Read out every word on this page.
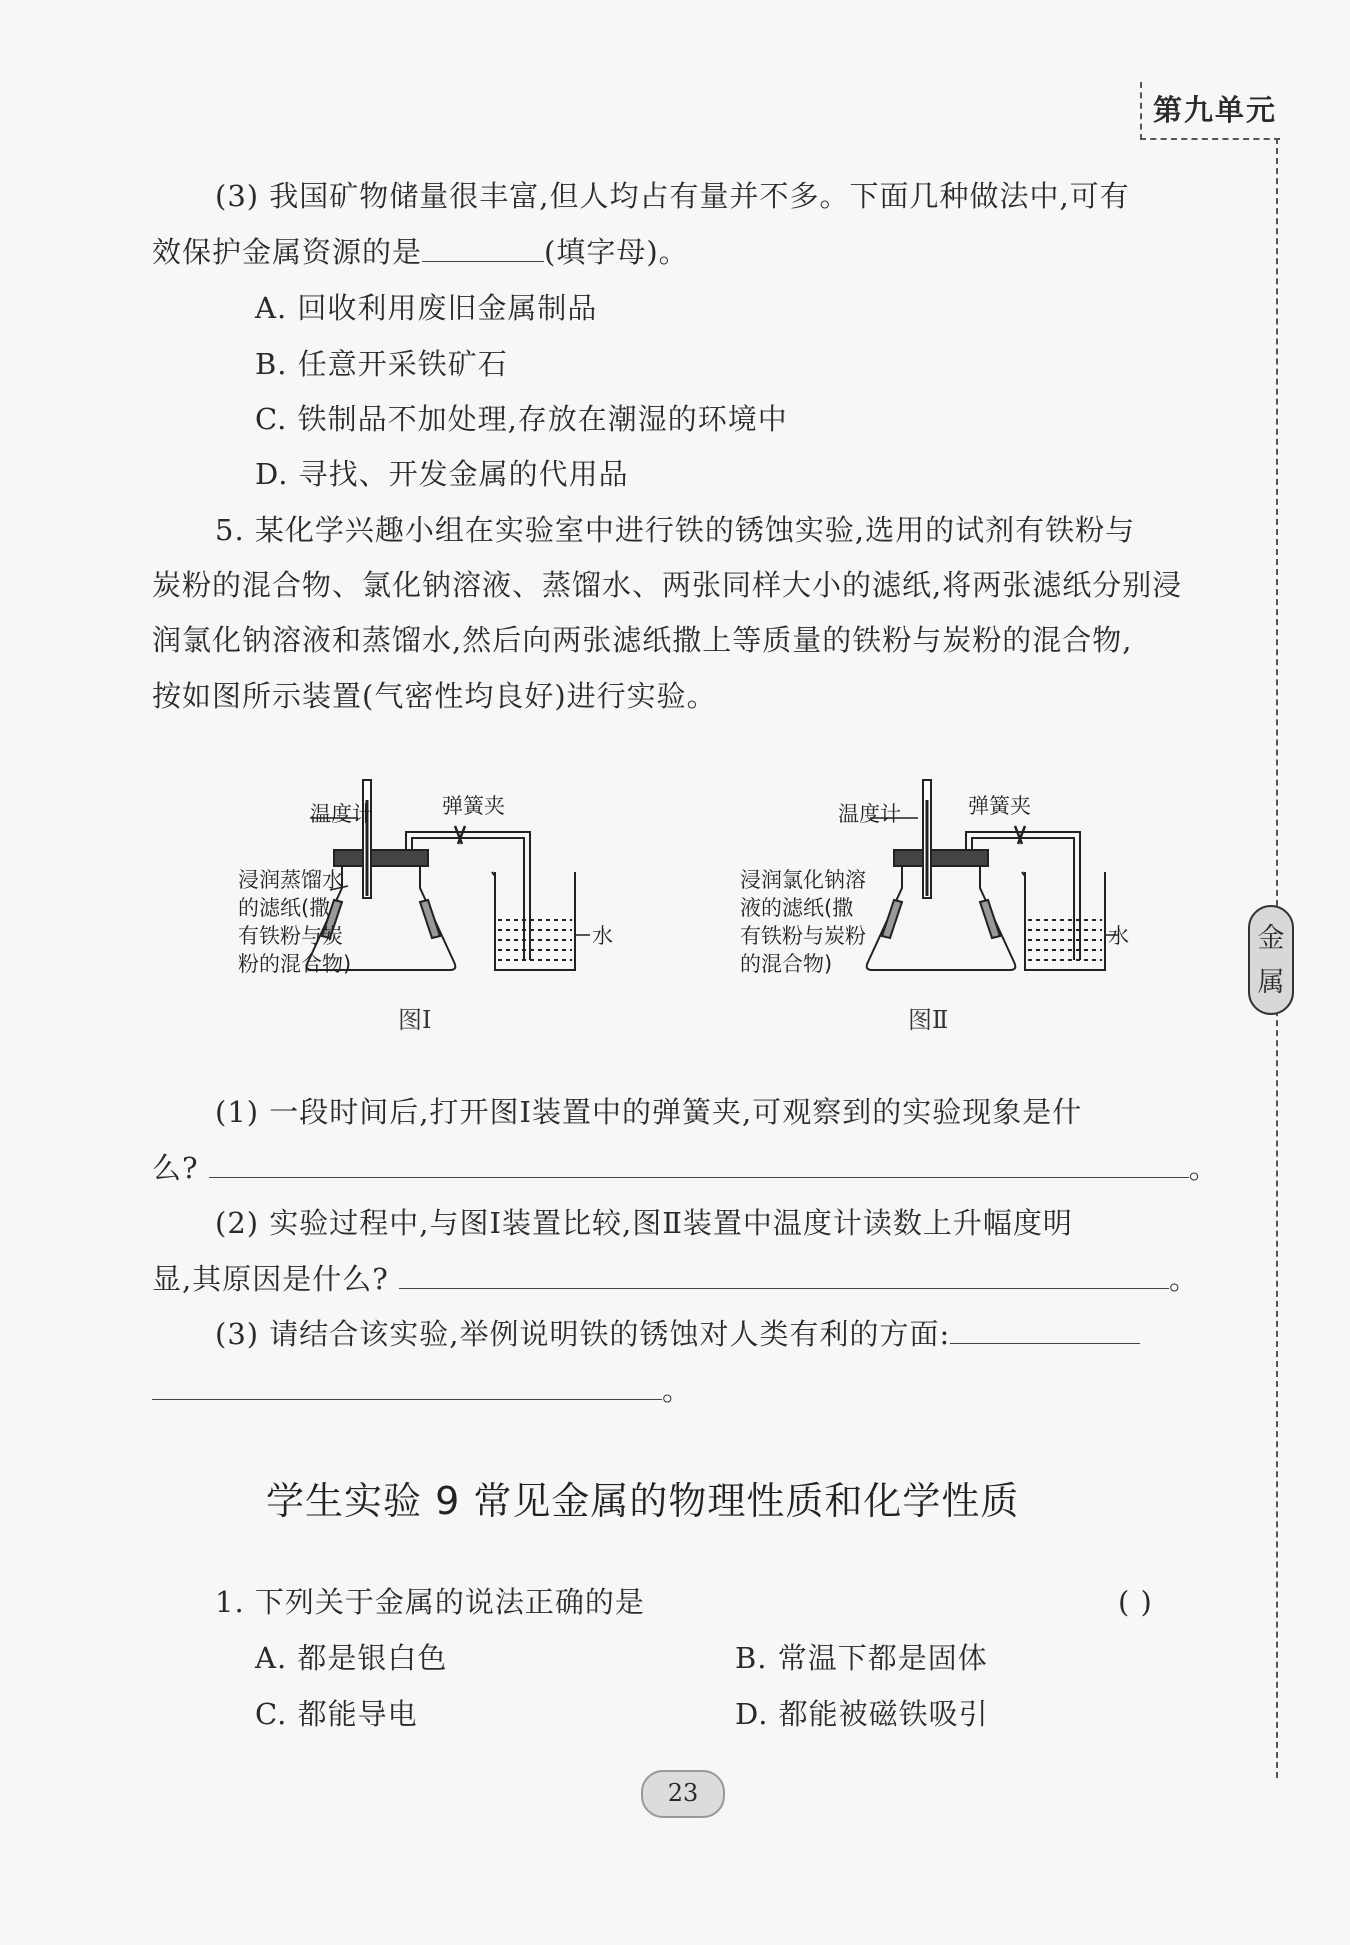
第九单元
金
属
(3) 我国矿物储量很丰富,但人均占有量并不多。下面几种做法中,可有
效保护金属资源的是	(填字母)。
A. 回收利用废旧金属制品
B. 任意开采铁矿石
C. 铁制品不加处理,存放在潮湿的环境中
D. 寻找、开发金属的代用品
5. 某化学兴趣小组在实验室中进行铁的锈蚀实验,选用的试剂有铁粉与
炭粉的混合物、氯化钠溶液、蒸馏水、两张同样大小的滤纸,将两张滤纸分别浸
润氯化钠溶液和蒸馏水,然后向两张滤纸撒上等质量的铁粉与炭粉的混合物,
按如图所示装置(气密性均良好)进行实验。
温度计	弹簧夹
浸润蒸馏水
的滤纸(撒
有铁粉与炭
粉的混合物)
水
图Ⅰ
温度计	弹簧夹
浸润氯化钠溶
液的滤纸(撒
有铁粉与炭粉
的混合物)
水
图Ⅱ
(1) 一段时间后,打开图Ⅰ装置中的弹簧夹,可观察到的实验现象是什
么?	。
(2) 实验过程中,与图Ⅰ装置比较,图Ⅱ装置中温度计读数上升幅度明
显,其原因是什么?	。
(3) 请结合该实验,举例说明铁的锈蚀对人类有利的方面:
。
学生实验 9 常见金属的物理性质和化学性质
1. 下列关于金属的说法正确的是	( )
A. 都是银白色	B. 常温下都是固体
C. 都能导电	D. 都能被磁铁吸引
23
